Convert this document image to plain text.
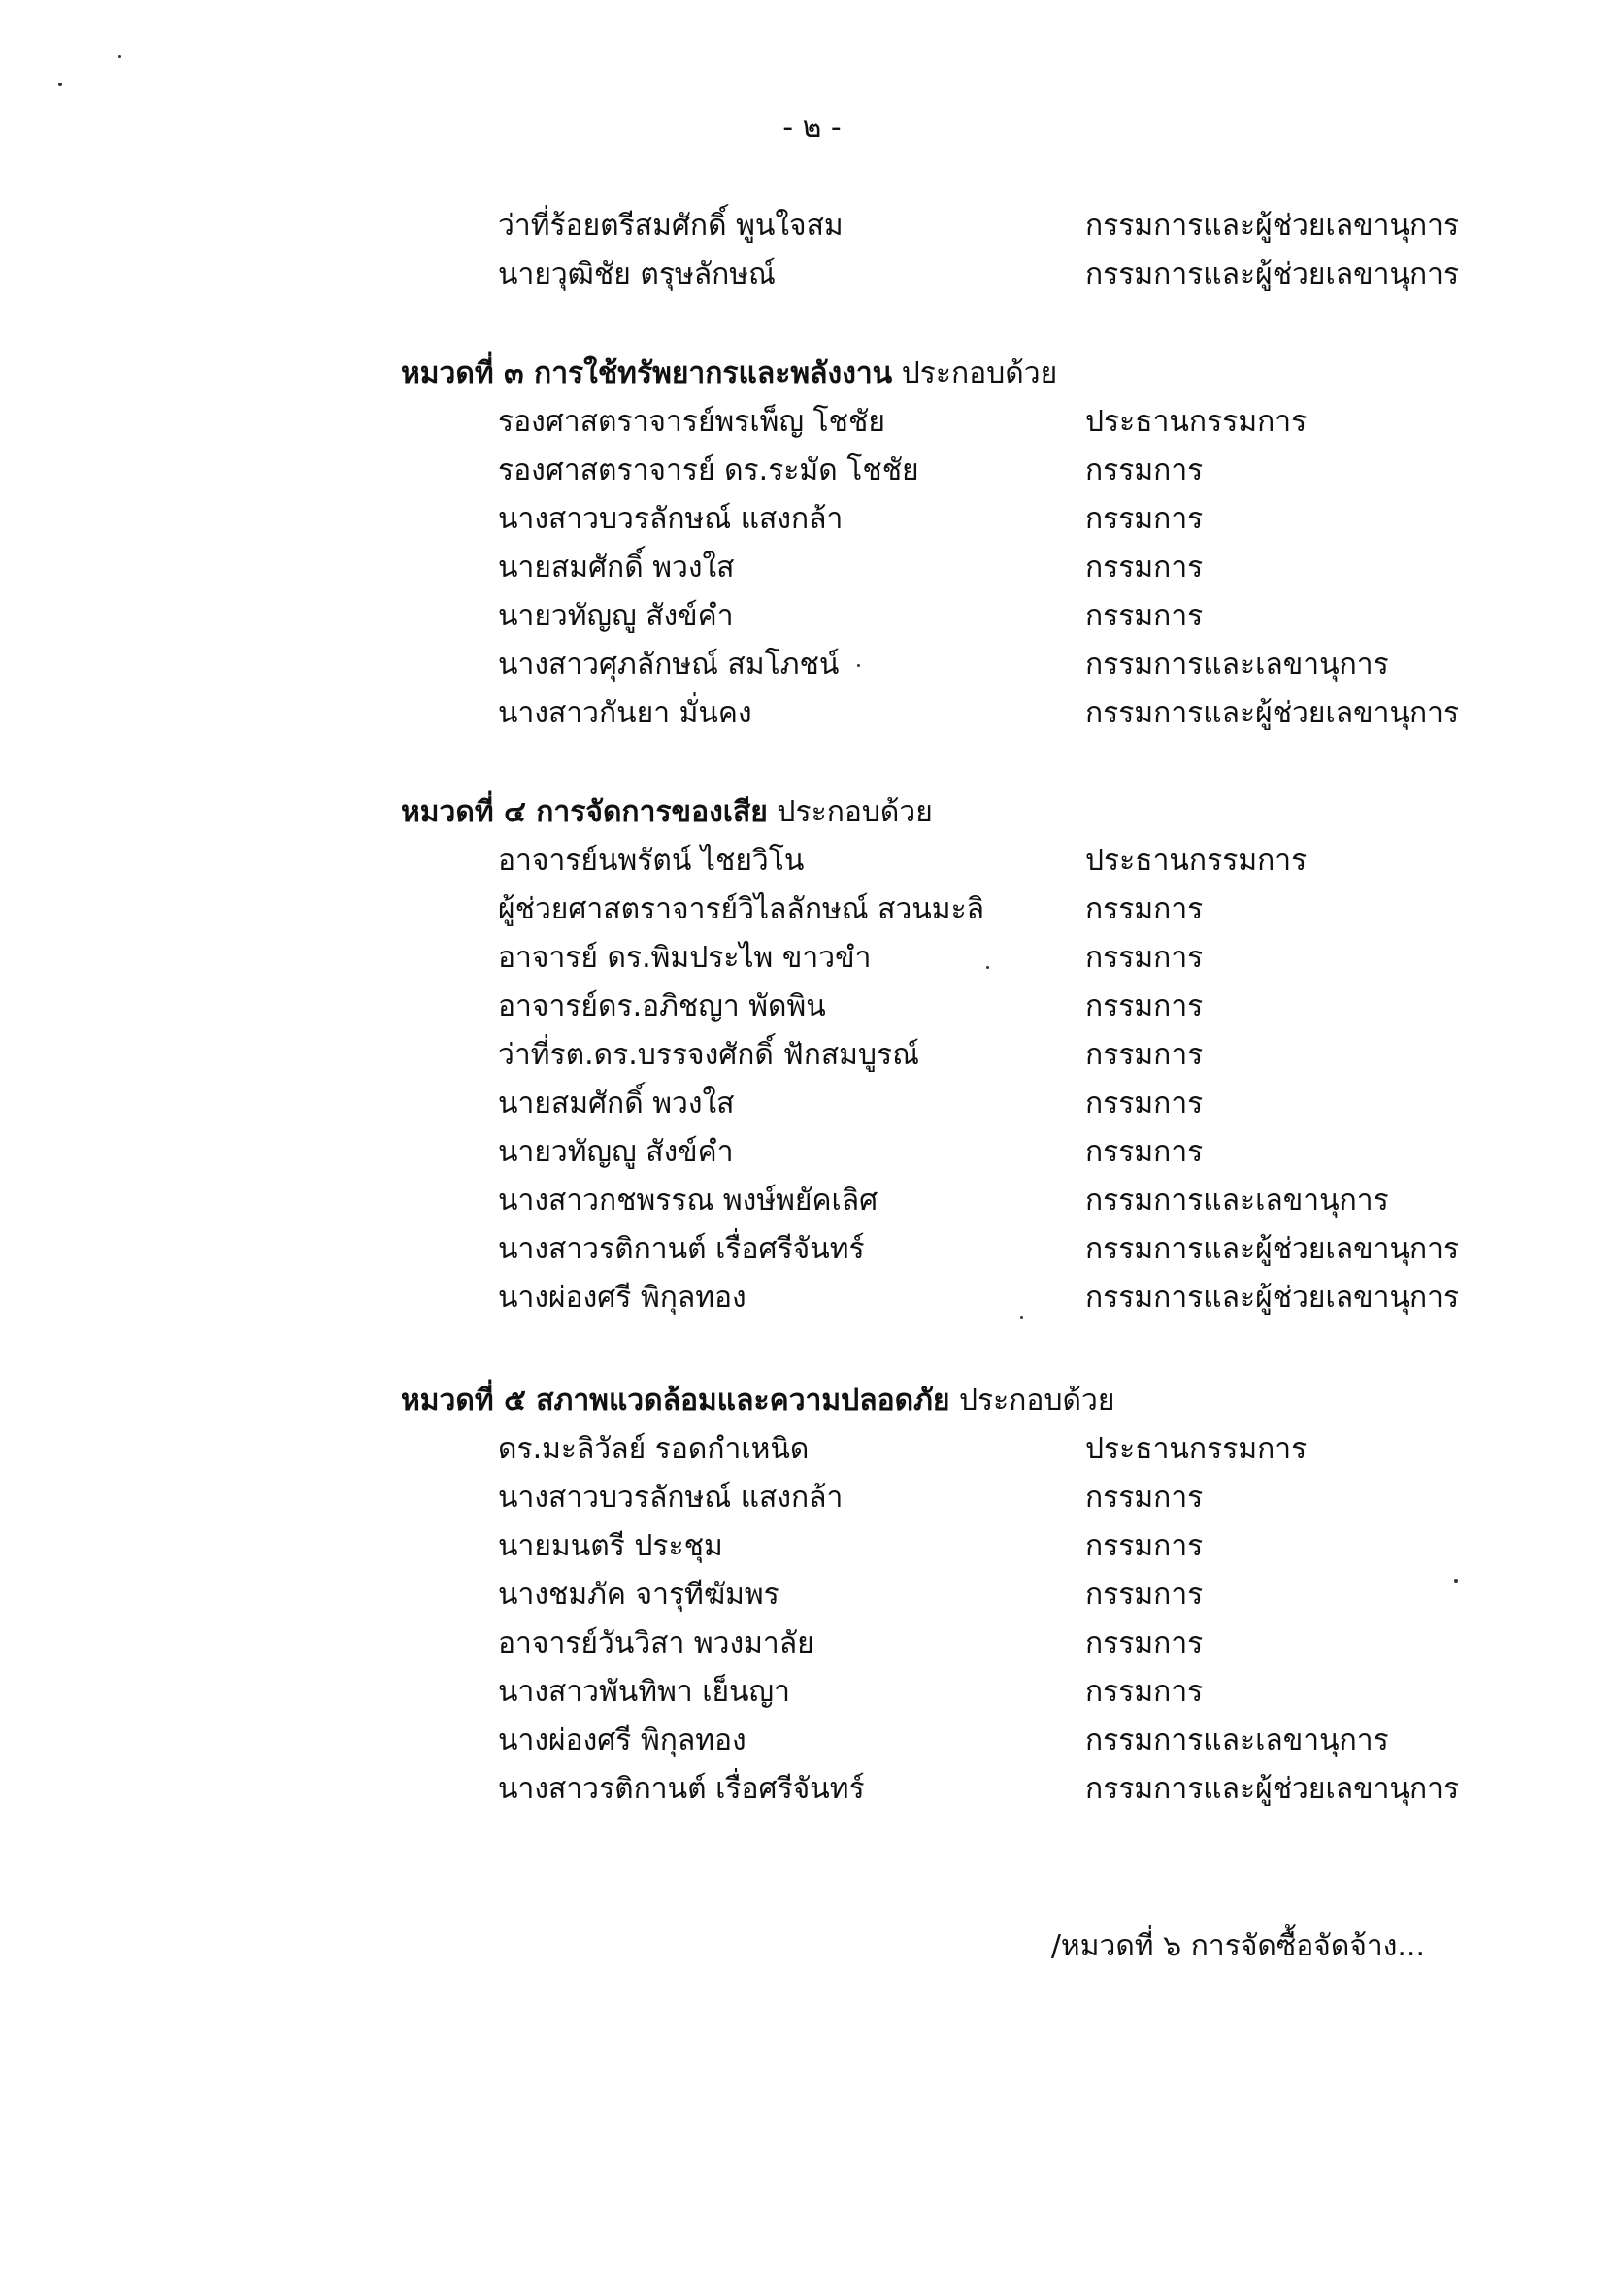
- ๒ -
ว่าที่ร้อยตรีสมศักดิ์ พูนใจสม	กรรมการและผู้ช่วยเลขานุการ
นายวุฒิชัย ตรุษลักษณ์	กรรมการและผู้ช่วยเลขานุการ
หมวดที่ ๓ การใช้ทรัพยากรและพลังงาน ประกอบด้วย
รองศาสตราจารย์พรเพ็ญ โชชัย	ประธานกรรมการ
รองศาสตราจารย์ ดร.ระมัด โชชัย	กรรมการ
นางสาวบวรลักษณ์ แสงกล้า	กรรมการ
นายสมศักดิ์ พวงใส	กรรมการ
นายวทัญญู สังข์คำ	กรรมการ
นางสาวศุภลักษณ์ สมโภชน์	กรรมการและเลขานุการ
นางสาวกันยา มั่นคง	กรรมการและผู้ช่วยเลขานุการ
หมวดที่ ๔ การจัดการของเสีย ประกอบด้วย
อาจารย์นพรัตน์ ไชยวิโน	ประธานกรรมการ
ผู้ช่วยศาสตราจารย์วิไลลักษณ์ สวนมะลิ	กรรมการ
อาจารย์ ดร.พิมประไพ ขาวขำ	กรรมการ
อาจารย์ดร.อภิชญา พัดพิน	กรรมการ
ว่าที่รต.ดร.บรรจงศักดิ์ ฟักสมบูรณ์	กรรมการ
นายสมศักดิ์ พวงใส	กรรมการ
นายวทัญญู สังข์คำ	กรรมการ
นางสาวกชพรรณ พงษ์พยัคเลิศ	กรรมการและเลขานุการ
นางสาวรติกานต์ เรื่อศรีจันทร์	กรรมการและผู้ช่วยเลขานุการ
นางผ่องศรี พิกุลทอง	กรรมการและผู้ช่วยเลขานุการ
หมวดที่ ๕ สภาพแวดล้อมและความปลอดภัย ประกอบด้วย
ดร.มะลิวัลย์ รอดกำเหนิด	ประธานกรรมการ
นางสาวบวรลักษณ์ แสงกล้า	กรรมการ
นายมนตรี ประชุม	กรรมการ
นางชมภัค จารุทีฆัมพร	กรรมการ
อาจารย์วันวิสา พวงมาลัย	กรรมการ
นางสาวพันทิพา เย็นญา	กรรมการ
นางผ่องศรี พิกุลทอง	กรรมการและเลขานุการ
นางสาวรติกานต์ เรื่อศรีจันทร์	กรรมการและผู้ช่วยเลขานุการ
/หมวดที่ ๖ การจัดซื้อจัดจ้าง...
